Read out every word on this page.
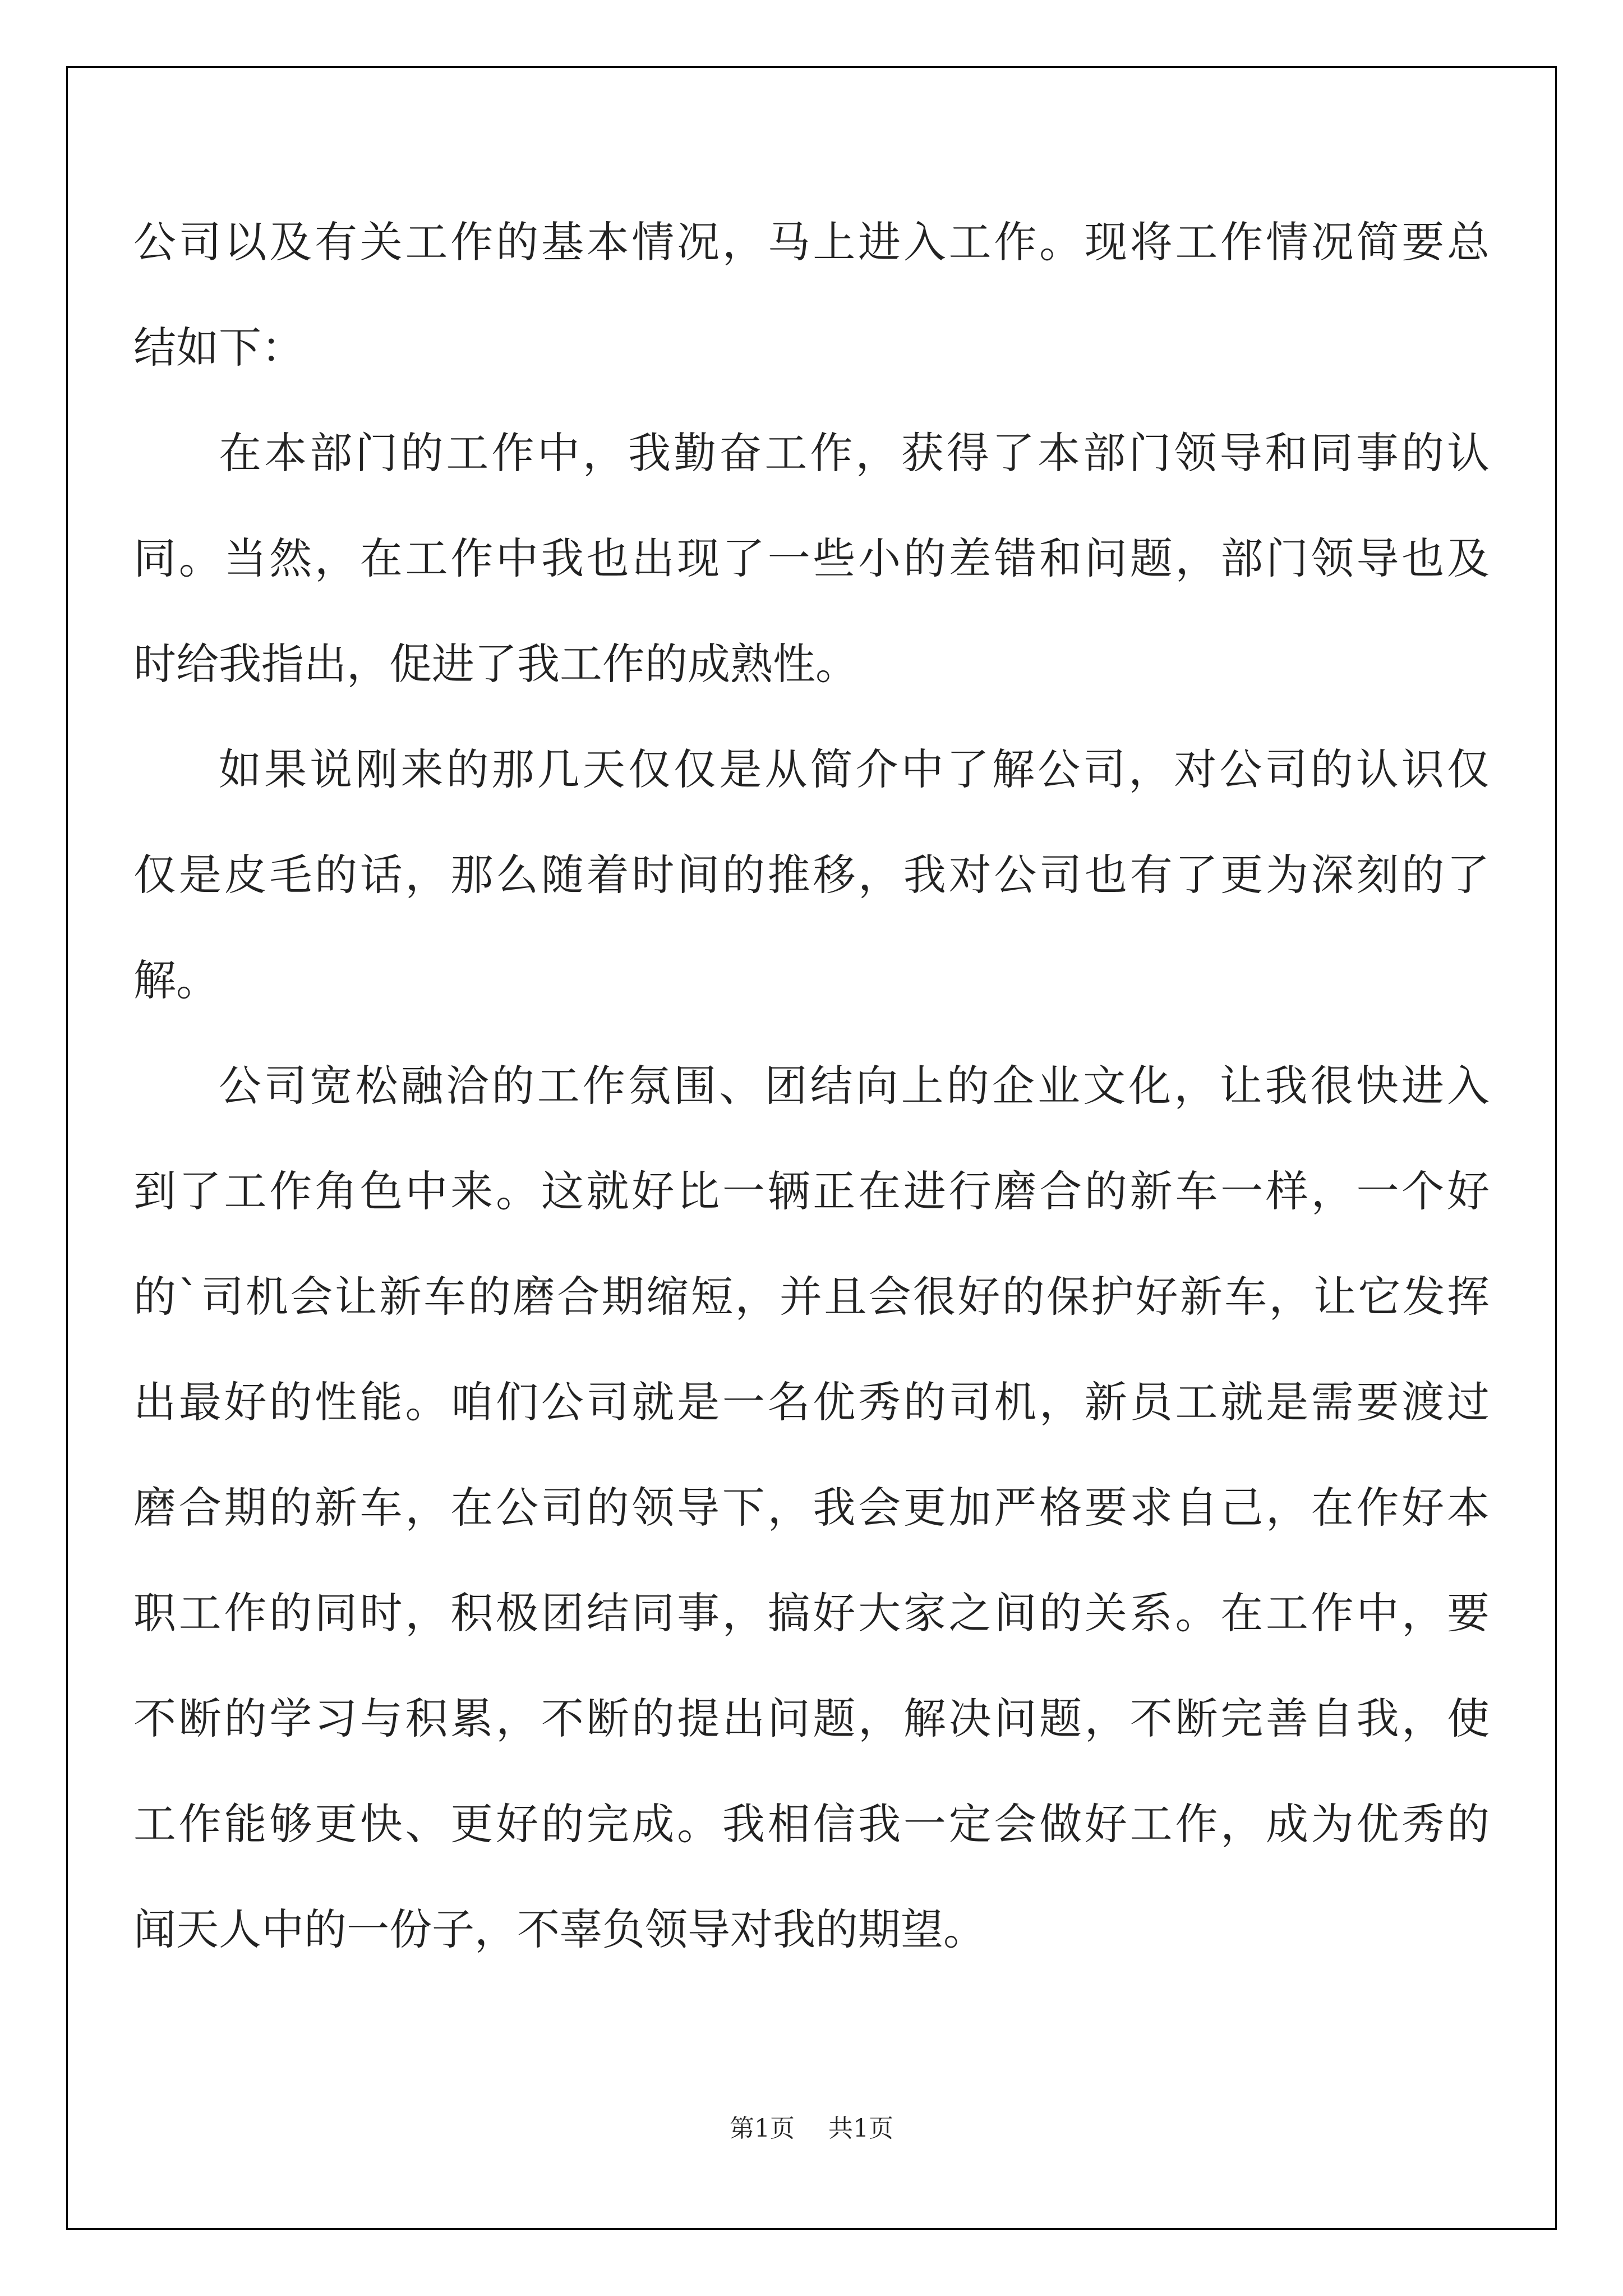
公司以及有关工作的基本情况，马上进入工作。现将工作情况简要总
结如下：
在本部门的工作中，我勤奋工作，获得了本部门领导和同事的认
同。当然，在工作中我也出现了一些小的差错和问题，部门领导也及
时给我指出，促进了我工作的成熟性。
如果说刚来的那几天仅仅是从简介中了解公司，对公司的认识仅
仅是皮毛的话，那么随着时间的推移，我对公司也有了更为深刻的了
解。
公司宽松融洽的工作氛围、团结向上的企业文化，让我很快进入
到了工作角色中来。这就好比一辆正在进行磨合的新车一样，一个好
的`司机会让新车的磨合期缩短，并且会很好的保护好新车，让它发挥
出最好的性能。咱们公司就是一名优秀的司机，新员工就是需要渡过
磨合期的新车，在公司的领导下，我会更加严格要求自己，在作好本
职工作的同时，积极团结同事，搞好大家之间的关系。在工作中，要
不断的学习与积累，不断的提出问题，解决问题，不断完善自我，使
工作能够更快、更好的完成。我相信我一定会做好工作，成为优秀的
闻天人中的一份子，不辜负领导对我的期望。
第1页 共1页
